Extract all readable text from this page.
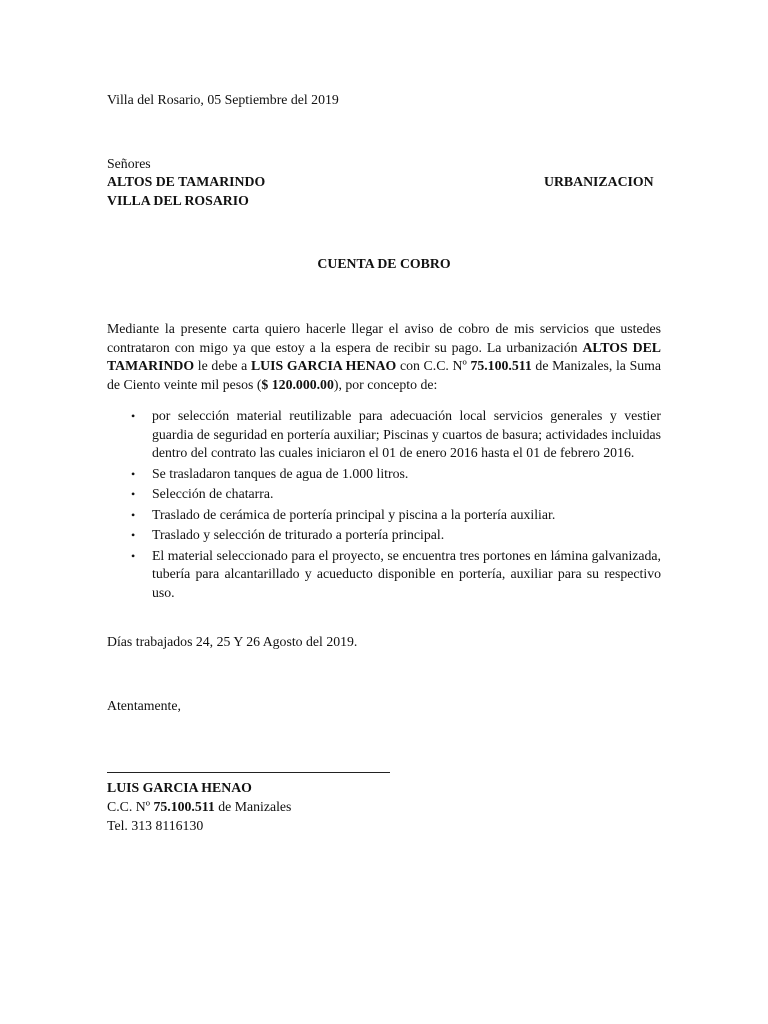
Villa del Rosario, 05 Septiembre del 2019
Señores
ALTOS DE TAMARINDO	URBANIZACION
VILLA DEL ROSARIO
CUENTA DE COBRO
Mediante la presente carta quiero hacerle llegar el aviso de cobro de mis servicios que ustedes contrataron con migo ya que estoy a la espera de recibir su pago. La urbanización ALTOS DEL TAMARINDO le debe a LUIS GARCIA HENAO con C.C. Nº 75.100.511 de Manizales, la Suma de Ciento veinte mil pesos ($ 120.000.00), por concepto de:
• por selección material reutilizable para adecuación local servicios generales y vestier guardia de seguridad en portería auxiliar; Piscinas y cuartos de basura; actividades incluidas dentro del contrato las cuales iniciaron el 01 de enero 2016 hasta el 01 de febrero 2016.
• Se trasladaron tanques de agua de 1.000 litros.
• Selección de chatarra.
• Traslado de cerámica de portería principal y piscina a la portería auxiliar.
• Traslado y selección de triturado a portería principal.
• El material seleccionado para el proyecto, se encuentra tres portones en lámina galvanizada, tubería para alcantarillado y acueducto disponible en portería, auxiliar para su respectivo uso.
Días trabajados 24, 25 Y 26 Agosto del 2019.
Atentamente,
LUIS GARCIA HENAO
C.C. Nº 75.100.511 de Manizales
Tel. 313 8116130
